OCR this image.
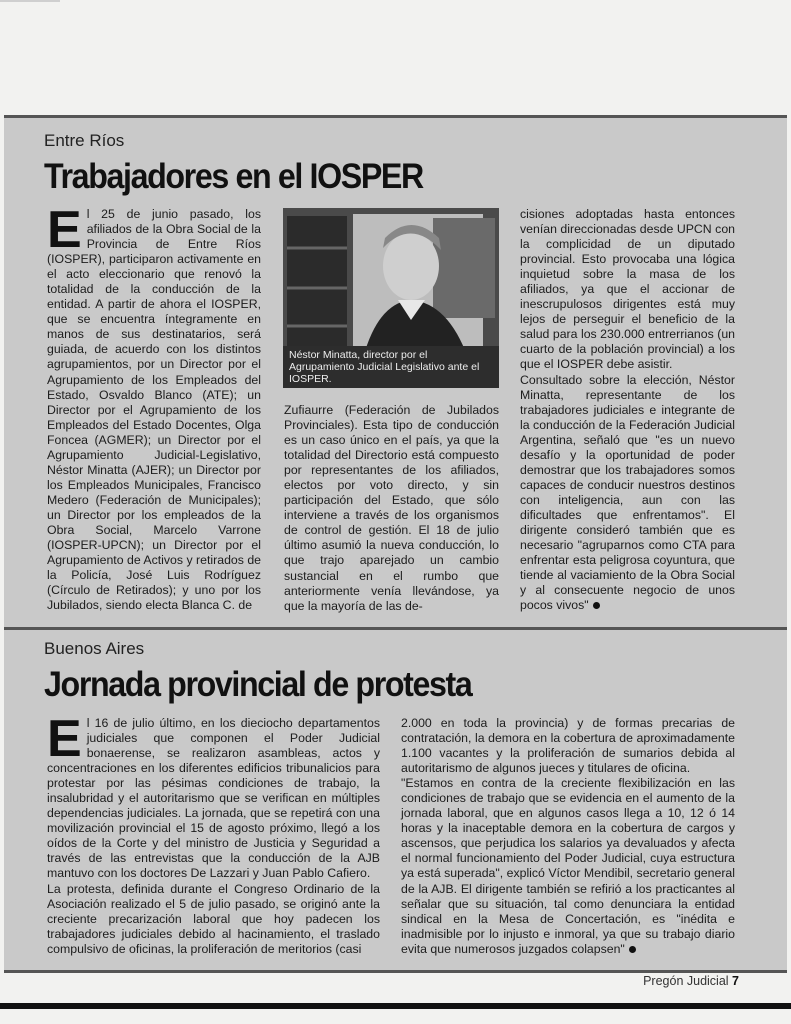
Entre Ríos
Trabajadores en el IOSPER

El 25 de junio pasado, los afiliados de la Obra Social de la Provincia de Entre Ríos (IOSPER), participaron activamente en el acto eleccionario que renovó la totalidad de la conducción de la entidad. A partir de ahora el IOSPER, que se encuentra íntegramente en manos de sus destinatarios, será guiada, de acuerdo con los distintos agrupamientos, por un Director por el Agrupamiento de los Empleados del Estado, Osvaldo Blanco (ATE); un Director por el Agrupamiento de los Empleados del Estado Docentes, Olga Foncea (AGMER); un Director por el Agrupamiento Judicial-Legislativo, Néstor Minatta (AJER); un Director por los Empleados Municipales, Francisco Medero (Federación de Municipales); un Director por los empleados de la Obra Social, Marcelo Varrone (IOSPER-UPCN); un Director por el Agrupamiento de Activos y retirados de la Policía, José Luis Rodríguez (Círculo de Retirados); y uno por los Jubilados, siendo electa Blanca C. de

Néstor Minatta, director por el Agrupamiento Judicial Legislativo ante el IOSPER.

Zufiaurre (Federación de Jubilados Provinciales). Esta tipo de conducción es un caso único en el país, ya que la totalidad del Directorio está compuesto por representantes de los afiliados, electos por voto directo, y sin participación del Estado, que sólo interviene a través de los organismos de control de gestión. El 18 de julio último asumió la nueva conducción, lo que trajo aparejado un cambio sustancial en el rumbo que anteriormente venía llevándose, ya que la mayoría de las de-

cisiones adoptadas hasta entonces venían direccionadas desde UPCN con la complicidad de un diputado provincial. Esto provocaba una lógica inquietud sobre la masa de los afiliados, ya que el accionar de inescrupulosos dirigentes está muy lejos de perseguir el beneficio de la salud para los 230.000 entrerrianos (un cuarto de la población provincial) a los que el IOSPER debe asistir.

Consultado sobre la elección, Néstor Minatta, representante de los trabajadores judiciales e integrante de la conducción de la Federación Judicial Argentina, señaló que "es un nuevo desafío y la oportunidad de poder demostrar que los trabajadores somos capaces de conducir nuestros destinos con inteligencia, aun con las dificultades que enfrentamos". El dirigente consideró también que es necesario "agruparnos como CTA para enfrentar esta peligrosa coyuntura, que tiende al vaciamiento de la Obra Social y al consecuente negocio de unos pocos vivos"

Buenos Aires
Jornada provincial de protesta

El 16 de julio último, en los dieciocho departamentos judiciales que componen el Poder Judicial bonaerense, se realizaron asambleas, actos y concentraciones en los diferentes edificios tribunalicios para protestar por las pésimas condiciones de trabajo, la insalubridad y el autoritarismo que se verifican en múltiples dependencias judiciales. La jornada, que se repetirá con una movilización provincial el 15 de agosto próximo, llegó a los oídos de la Corte y del ministro de Justicia y Seguridad a través de las entrevistas que la conducción de la AJB mantuvo con los doctores De Lazzari y Juan Pablo Cafiero.

La protesta, definida durante el Congreso Ordinario de la Asociación realizado el 5 de julio pasado, se originó ante la creciente precarización laboral que hoy padecen los trabajadores judiciales debido al hacinamiento, el traslado compulsivo de oficinas, la proliferación de meritorios (casi

2.000 en toda la provincia) y de formas precarias de contratación, la demora en la cobertura de aproximadamente 1.100 vacantes y la proliferación de sumarios debida al autoritarismo de algunos jueces y titulares de oficina.

"Estamos en contra de la creciente flexibilización en las condiciones de trabajo que se evidencia en el aumento de la jornada laboral, que en algunos casos llega a 10, 12 ó 14 horas y la inaceptable demora en la cobertura de cargos y ascensos, que perjudica los salarios ya devaluados y afecta el normal funcionamiento del Poder Judicial, cuya estructura ya está superada", explicó Víctor Mendibil, secretario general de la AJB. El dirigente también se refirió a los practicantes al señalar que su situación, tal como denunciara la entidad sindical en la Mesa de Concertación, es "inédita e inadmisible por lo injusto e inmoral, ya que su trabajo diario evita que numerosos juzgados colapsen"

Pregón Judicial 7
